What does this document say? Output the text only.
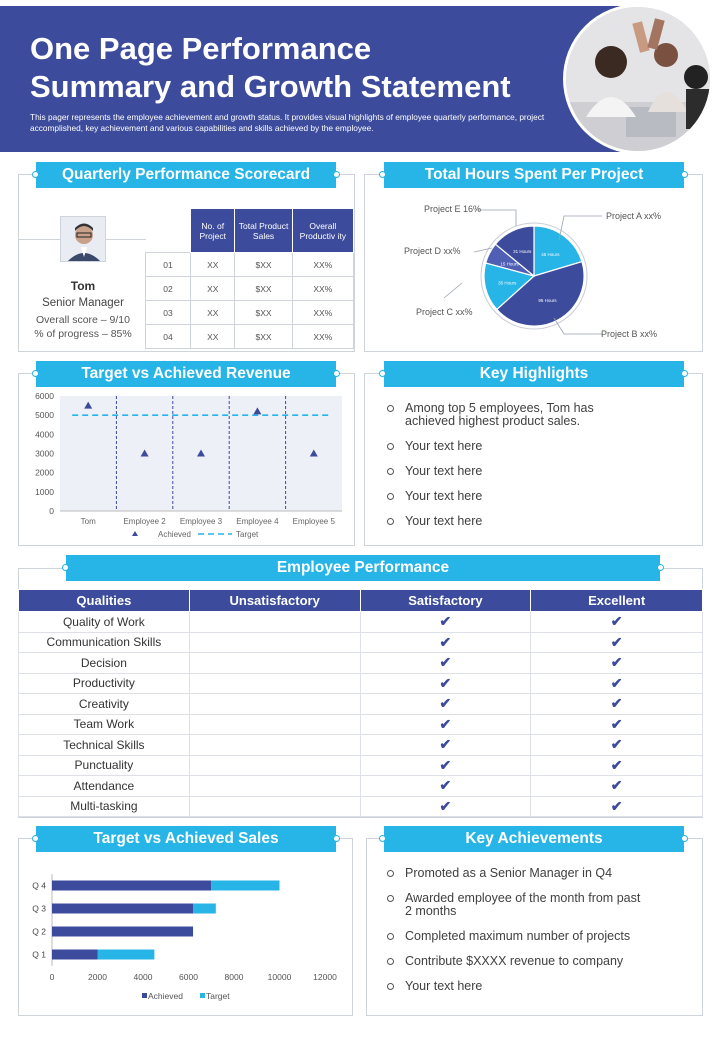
One Page Performance
Summary and Growth Statement
This pager represents the employee achievement and growth status. It provides visual highlights of employee quarterly performance, project accomplished, key achievement and various capabilities and skills achieved by the employee.
Quarterly Performance Scorecard
Tom
Senior Manager
Overall score – 9/10
% of progress – 85%
	No. of Project	Total Product Sales	Overall Productiv ity
01	XX	$XX	XX%
02	XX	$XX	XX%
03	XX	$XX	XX%
04	XX	$XX	XX%
Total Hours Spent Per Project
45 Hours
95 Hours
35 Hours
15 Hours
31 Hours
Project E 16%
Project A xx%
Project D xx%
Project C xx%
Project B xx%
Target vs Achieved Revenue
0
1000
2000
3000
4000
5000
6000
Tom	Employee 2 Employee 3 Employee 4 Employee 5
Achieved	Target
Key Highlights
Among top 5 employees, Tom has achieved highest product sales.
Your text here
Your text here
Your text here
Your text here
Employee Performance
Qualities	Unsatisfactory	Satisfactory	Excellent
Quality of Work		✔	✔
Communication Skills		✔	✔
Decision		✔	✔
Productivity		✔	✔
Creativity		✔	✔
Team Work		✔	✔
Technical Skills		✔	✔
Punctuality		✔	✔
Attendance		✔	✔
Multi-tasking		✔	✔
Target vs Achieved Sales
0	2000	4000	6000	8000	10000	12000
Q 1
Q 2
Q 3
Q 4
Achieved	Target
Key Achievements
Promoted as a Senior Manager in Q4
Awarded employee of the month from past 2 months
Completed maximum number of projects
Contribute $XXXX revenue to company
Your text here
